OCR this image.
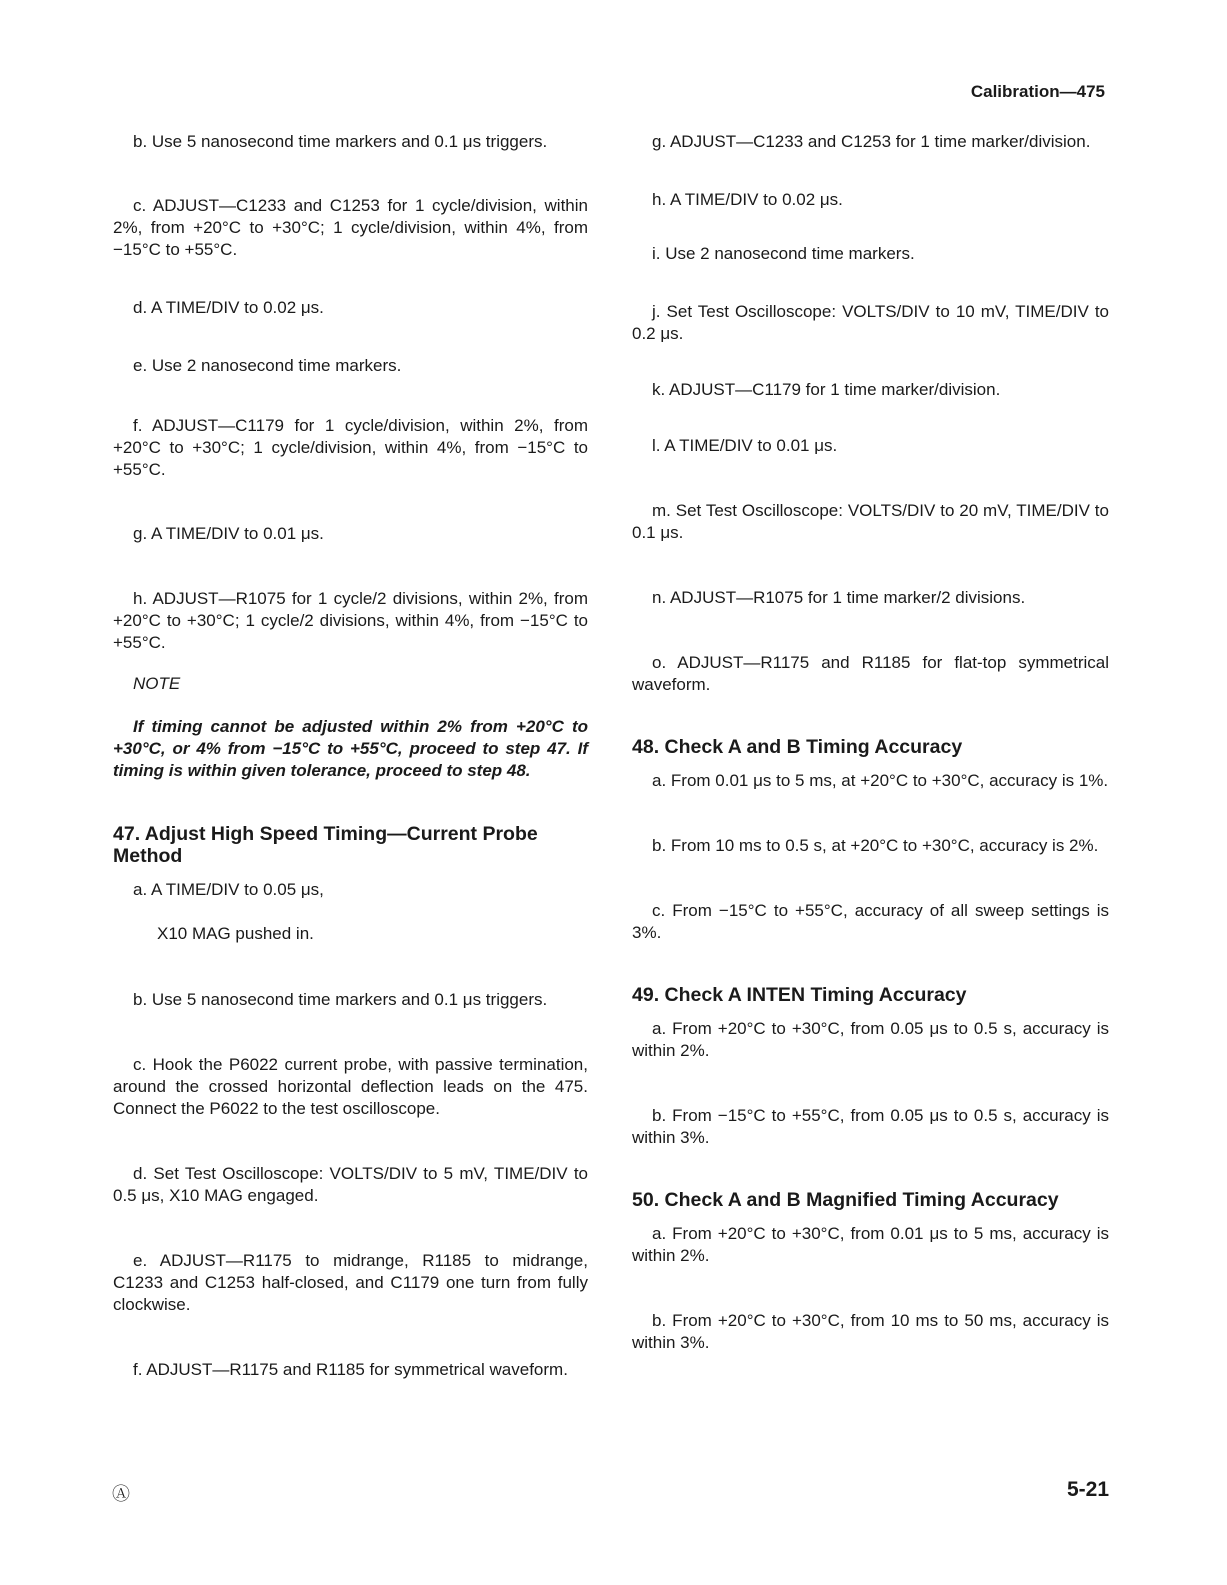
Calibration—475

b. Use 5 nanosecond time markers and 0.1 μs triggers.

c. ADJUST—C1233 and C1253 for 1 cycle/division, within 2%, from +20°C to +30°C; 1 cycle/division, within 4%, from −15°C to +55°C.

d. A TIME/DIV to 0.02 μs.

e. Use 2 nanosecond time markers.

f. ADJUST—C1179 for 1 cycle/division, within 2%, from +20°C to +30°C; 1 cycle/division, within 4%, from −15°C to +55°C.

g. A TIME/DIV to 0.01 μs.

h. ADJUST—R1075 for 1 cycle/2 divisions, within 2%, from +20°C to +30°C; 1 cycle/2 divisions, within 4%, from −15°C to +55°C.

NOTE

If timing cannot be adjusted within 2% from +20°C to +30°C, or 4% from −15°C to +55°C, proceed to step 47. If timing is within given tolerance, proceed to step 48.

47. Adjust High Speed Timing—Current Probe Method

a. A TIME/DIV to 0.05 μs,

X10 MAG pushed in.

b. Use 5 nanosecond time markers and 0.1 μs triggers.

c. Hook the P6022 current probe, with passive termination, around the crossed horizontal deflection leads on the 475. Connect the P6022 to the test oscilloscope.

d. Set Test Oscilloscope: VOLTS/DIV to 5 mV, TIME/DIV to 0.5 μs, X10 MAG engaged.

e. ADJUST—R1175 to midrange, R1185 to midrange, C1233 and C1253 half-closed, and C1179 one turn from fully clockwise.

f. ADJUST—R1175 and R1185 for symmetrical waveform.

g. ADJUST—C1233 and C1253 for 1 time marker/division.

h. A TIME/DIV to 0.02 μs.

i. Use 2 nanosecond time markers.

j. Set Test Oscilloscope: VOLTS/DIV to 10 mV, TIME/DIV to 0.2 μs.

k. ADJUST—C1179 for 1 time marker/division.

l. A TIME/DIV to 0.01 μs.

m. Set Test Oscilloscope: VOLTS/DIV to 20 mV, TIME/DIV to 0.1 μs.

n. ADJUST—R1075 for 1 time marker/2 divisions.

o. ADJUST—R1175 and R1185 for flat-top symmetrical waveform.

48. Check A and B Timing Accuracy

a. From 0.01 μs to 5 ms, at +20°C to +30°C, accuracy is 1%.

b. From 10 ms to 0.5 s, at +20°C to +30°C, accuracy is 2%.

c. From −15°C to +55°C, accuracy of all sweep settings is 3%.

49. Check A INTEN Timing Accuracy

a. From +20°C to +30°C, from 0.05 μs to 0.5 s, accuracy is within 2%.

b. From −15°C to +55°C, from 0.05 μs to 0.5 s, accuracy is within 3%.

50. Check A and B Magnified Timing Accuracy

a. From +20°C to +30°C, from 0.01 μs to 5 ms, accuracy is within 2%.

b. From +20°C to +30°C, from 10 ms to 50 ms, accuracy is within 3%.

Ⓐ	5-21
